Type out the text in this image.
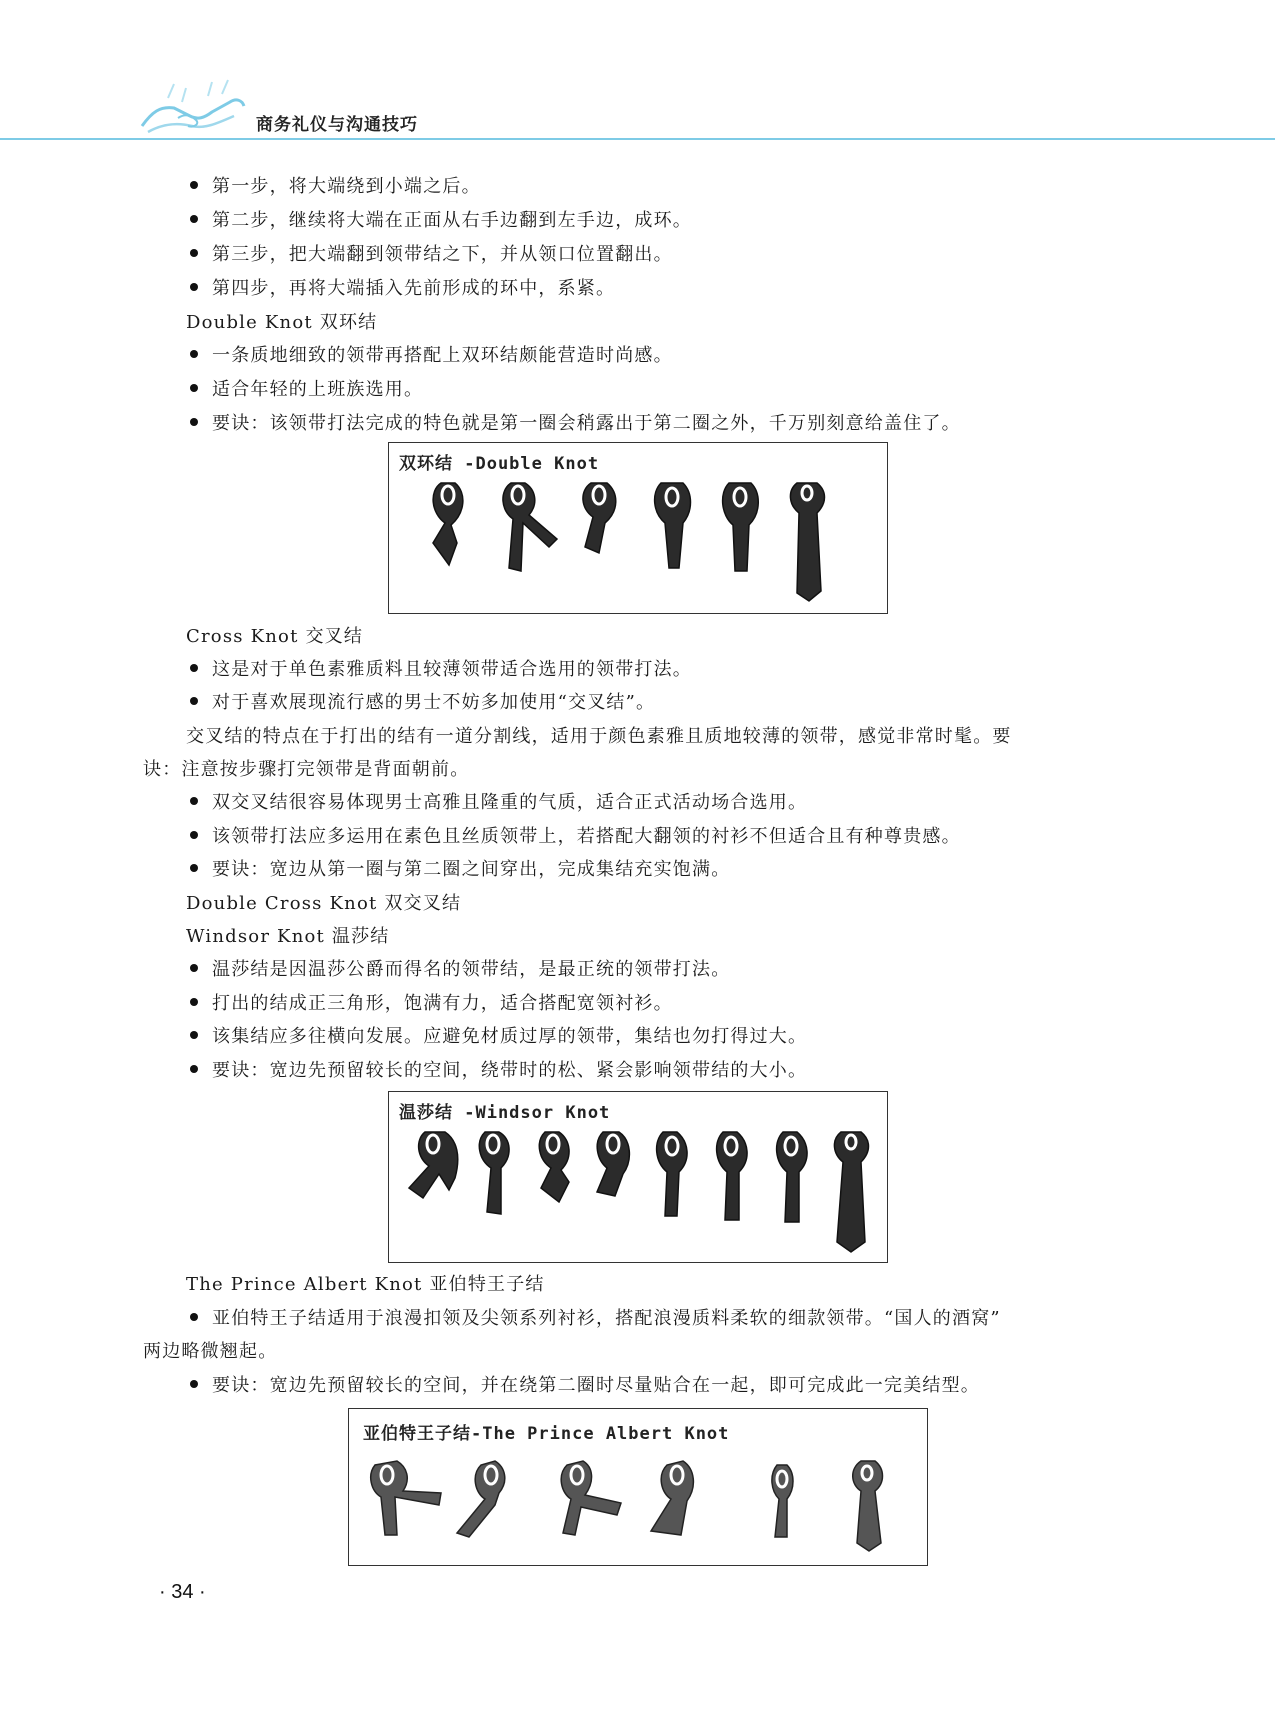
商务礼仪与沟通技巧
第一步，将大端绕到小端之后。
第二步，继续将大端在正面从右手边翻到左手边，成环。
第三步，把大端翻到领带结之下，并从领口位置翻出。
第四步，再将大端插入先前形成的环中，系紧。
Double Knot 双环结
一条质地细致的领带再搭配上双环结颇能营造时尚感。
适合年轻的上班族选用。
要诀：该领带打法完成的特色就是第一圈会稍露出于第二圈之外，千万别刻意给盖住了。
双环结 -Double Knot
Cross Knot 交叉结
这是对于单色素雅质料且较薄领带适合选用的领带打法。
对于喜欢展现流行感的男士不妨多加使用“交叉结”。
交叉结的特点在于打出的结有一道分割线，适用于颜色素雅且质地较薄的领带，感觉非常时髦。要
诀：注意按步骤打完领带是背面朝前。
双交叉结很容易体现男士高雅且隆重的气质，适合正式活动场合选用。
该领带打法应多运用在素色且丝质领带上，若搭配大翻领的衬衫不但适合且有种尊贵感。
要诀：宽边从第一圈与第二圈之间穿出，完成集结充实饱满。
Double Cross Knot 双交叉结
Windsor Knot 温莎结
温莎结是因温莎公爵而得名的领带结，是最正统的领带打法。
打出的结成正三角形，饱满有力，适合搭配宽领衬衫。
该集结应多往横向发展。应避免材质过厚的领带，集结也勿打得过大。
要诀：宽边先预留较长的空间，绕带时的松、紧会影响领带结的大小。
温莎结 -Windsor Knot
The Prince Albert Knot 亚伯特王子结
亚伯特王子结适用于浪漫扣领及尖领系列衬衫，搭配浪漫质料柔软的细款领带。“国人的酒窝”
两边略微翘起。
要诀：宽边先预留较长的空间，并在绕第二圈时尽量贴合在一起，即可完成此一完美结型。
亚伯特王子结-The Prince Albert Knot
· 34 ·
